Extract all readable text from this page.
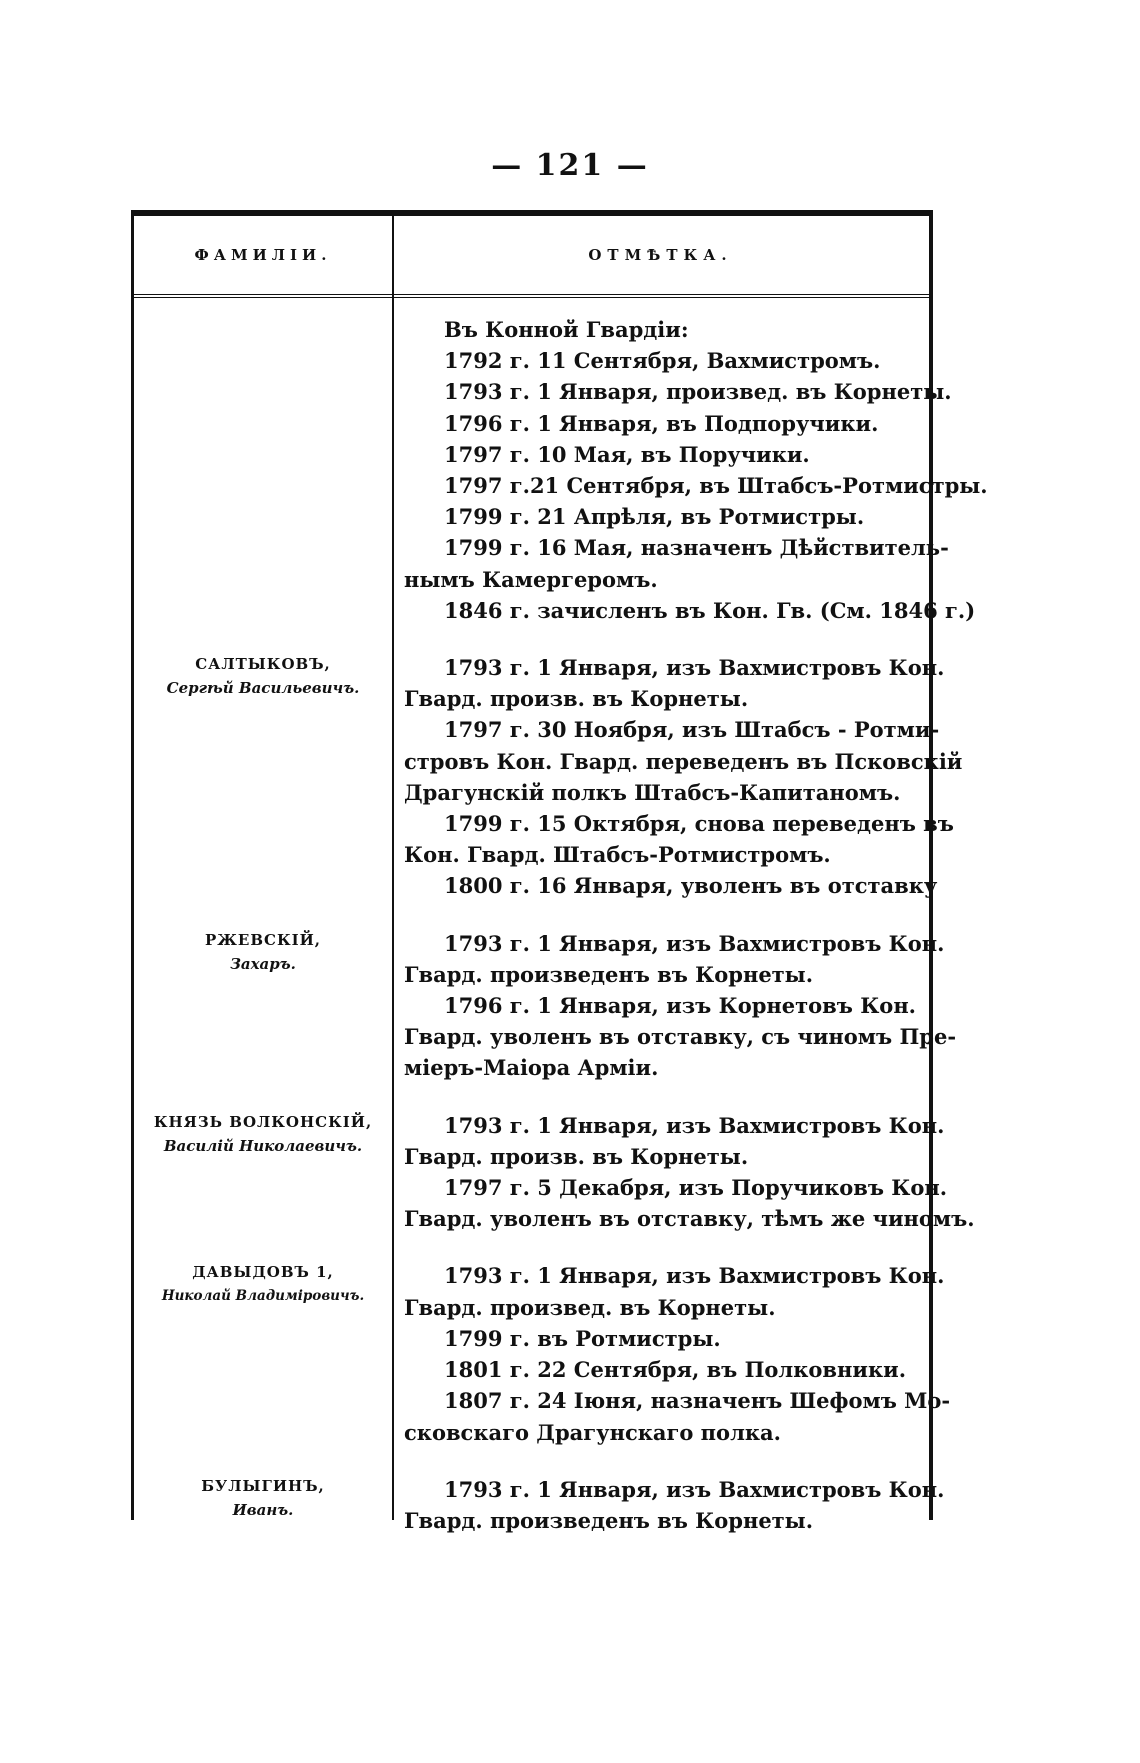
— 121 —
ФАМИЛІИ.	ОТМѢТКА.
Въ Конной Гвардіи:
1792 г. 11 Сентября, Вахмистромъ.
1793 г. 1 Января, произвед. въ Корнеты.
1796 г. 1 Января, въ Подпоручики.
1797 г. 10 Мая, въ Поручики.
1797 г.21 Сентября, въ Штабсъ-Ротмистры.
1799 г. 21 Апрѣля, въ Ротмистры.
1799 г. 16 Мая, назначенъ Дѣйствитель-
нымъ Камергеромъ.
1846 г. зачисленъ въ Кон. Гв. (См. 1846 г.)
1793 г. 1 Января, изъ Вахмистровъ Кон.
Гвард. произв. въ Корнеты.
1797 г. 30 Ноября, изъ Штабсъ - Ротми-
стровъ Кон. Гвард. переведенъ въ Псковскій
Драгунскій полкъ Штабсъ-Капитаномъ.
1799 г. 15 Октября, снова переведенъ въ
Кон. Гвард. Штабсъ-Ротмистромъ.
1800 г. 16 Января, уволенъ въ отставку
1793 г. 1 Января, изъ Вахмистровъ Кон.
Гвард. произведенъ въ Корнеты.
1796 г. 1 Января, изъ Корнетовъ Кон.
Гвард. уволенъ въ отставку, съ чиномъ Пре-
міеръ-Маіора Арміи.
1793 г. 1 Января, изъ Вахмистровъ Кон.
Гвард. произв. въ Корнеты.
1797 г. 5 Декабря, изъ Поручиковъ Кон.
Гвард. уволенъ въ отставку, тѣмъ же чиномъ.
1793 г. 1 Января, изъ Вахмистровъ Кон.
Гвард. произвед. въ Корнеты.
1799 г. въ Ротмистры.
1801 г. 22 Сентября, въ Полковники.
1807 г. 24 Іюня, назначенъ Шефомъ Мо-
сковскаго Драгунскаго полка.
1793 г. 1 Января, изъ Вахмистровъ Кон.
Гвард. произведенъ въ Корнеты.
САЛТЫКОВЪ,
Сергѣй Васильевичъ.
РЖЕВСКІЙ,
Захаръ.
КНЯЗЬ ВОЛКОНСКІЙ,
Василій Николаевичъ.
ДАВЫДОВЪ 1,
Николай Владиміровичъ.
БУЛЫГИНЪ,
Иванъ.
